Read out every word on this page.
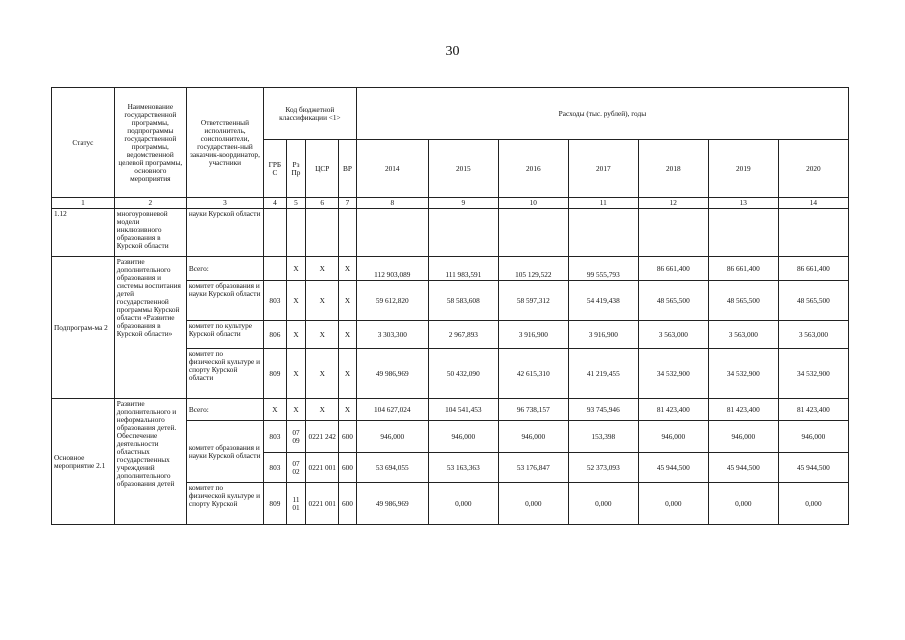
30
Статус	Наименование государственной программы, подпрограммы государственной программы, ведомственной целевой программы, основного мероприятия	Ответственный исполнитель, соисполнители, государствен-ный заказчик-координатор, участники	Код бюджетной классификации <1>				Расходы (тыс. рублей), годы						
			ГРБ С	Рз Пр	ЦСР	ВР	2014	2015	2016	2017	2018	2019	2020
1	2	3	4	5	6	7	8	9	10	11	12	13	14
1.12	многоуровневой модели инклюзивного образования в Курской области	науки Курской области											
Подпрограм-ма 2	Развитие дополнительного образования и системы воспитания детей государственной программы Курской области «Развитие образования в Курской области»	Всего:		Х	Х	Х	112 903,089	111 983,591	105 129,522	99 555,793	86 661,400	86 661,400	86 661,400
		комитет образования и науки Курской области	803	Х	Х	Х	59 612,820	58 583,608	58 597,312	54 419,438	48 565,500	48 565,500	48 565,500
		комитет по культуре Курской области	806	Х	Х	Х	3 303,300	2 967,893	3 916,900	3 916,900	3 563,000	3 563,000	3 563,000
		комитет по физической культуре и спорту Курской области	809	Х	Х	Х	49 986,969	50 432,090	42 615,310	41 219,455	34 532,900	34 532,900	34 532,900
Основное мероприятие 2.1	Развитие дополнительного и неформального образования детей. Обеспечение деятельности областных государственных учреждений дополнительного образования детей	Всего:	Х	Х	Х	Х	104 627,024	104 541,453	96 738,157	93 745,946	81 423,400	81 423,400	81 423,400
		комитет образования и науки Курской области	803	07 09	0221 242	600	946,000	946,000	946,000	153,398	946,000	946,000	946,000
			803	07 02	0221 001	600	53 694,055	53 163,363	53 176,847	52 373,093	45 944,500	45 944,500	45 944,500
		комитет по физической культуре и спорту Курской	809	11 01	0221 001	600	49 986,969	0,000	0,000	0,000	0,000	0,000	0,000
